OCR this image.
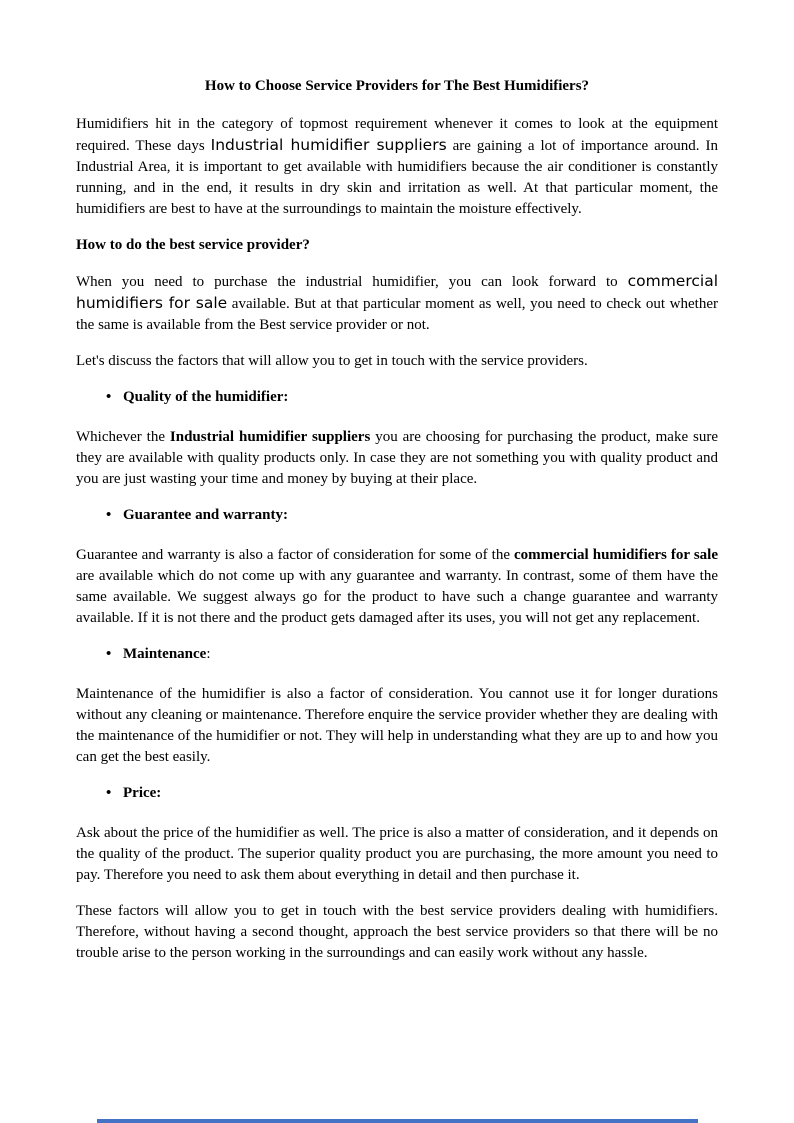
How to Choose Service Providers for The Best Humidifiers?

Humidifiers hit in the category of topmost requirement whenever it comes to look at the equipment required. These days Industrial humidifier suppliers are gaining a lot of importance around. In Industrial Area, it is important to get available with humidifiers because the air conditioner is constantly running, and in the end, it results in dry skin and irritation as well. At that particular moment, the humidifiers are best to have at the surroundings to maintain the moisture effectively.

How to do the best service provider?

When you need to purchase the industrial humidifier, you can look forward to commercial humidifiers for sale available. But at that particular moment as well, you need to check out whether the same is available from the Best service provider or not.

Let's discuss the factors that will allow you to get in touch with the service providers.

• Quality of the humidifier:

Whichever the Industrial humidifier suppliers you are choosing for purchasing the product, make sure they are available with quality products only. In case they are not something you with quality product and you are just wasting your time and money by buying at their place.

• Guarantee and warranty:

Guarantee and warranty is also a factor of consideration for some of the commercial humidifiers for sale are available which do not come up with any guarantee and warranty. In contrast, some of them have the same available. We suggest always go for the product to have such a change guarantee and warranty available. If it is not there and the product gets damaged after its uses, you will not get any replacement.

• Maintenance:

Maintenance of the humidifier is also a factor of consideration. You cannot use it for longer durations without any cleaning or maintenance. Therefore enquire the service provider whether they are dealing with the maintenance of the humidifier or not. They will help in understanding what they are up to and how you can get the best easily.

• Price:

Ask about the price of the humidifier as well. The price is also a matter of consideration, and it depends on the quality of the product. The superior quality product you are purchasing, the more amount you need to pay. Therefore you need to ask them about everything in detail and then purchase it.

These factors will allow you to get in touch with the best service providers dealing with humidifiers. Therefore, without having a second thought, approach the best service providers so that there will be no trouble arise to the person working in the surroundings and can easily work without any hassle.
